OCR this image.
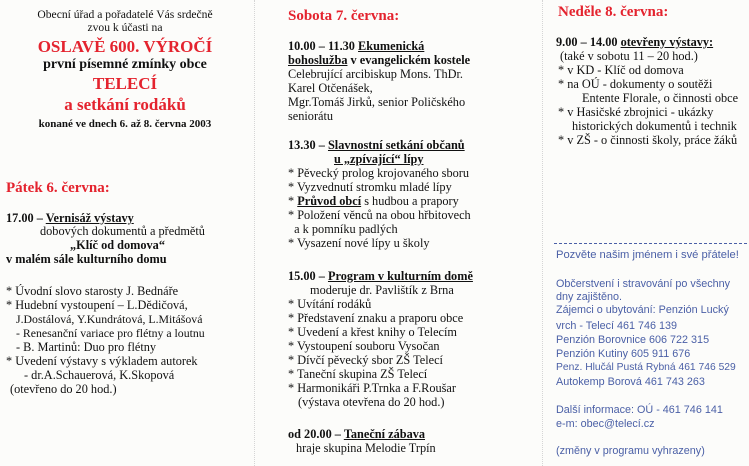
Obecní úřad a pořadatelé Vás srdečně
zvou k účasti na
OSLAVĚ 600. VÝROČÍ
první písemné zmínky obce
TELECÍ
a setkání rodáků
konané ve dnech 6. až 8. června 2003
Pátek 6. června:
17.00 – Vernisáž výstavy
dobových dokumentů a předmětů
„Klíč od domova“
v malém sále kulturního domu
* Úvodní slovo starosty J. Bednáře
* Hudební vystoupení – L.Dědičová,
J.Dostálová, Y.Kundrátová, L.Mitášová
- Renesanční variace pro flétny a loutnu
- B. Martinů: Duo pro flétny
* Uvedení výstavy s výkladem autorek
- dr.A.Schauerová, K.Skopová
(otevřeno do 20 hod.)
Sobota 7. června:
10.00 – 11.30 Ekumenická
bohoslužba v evangelickém kostele
Celebrující arcibiskup Mons. ThDr.
Karel Otčenášek,
Mgr.Tomáš Jirků, senior Poličského
seniorátu
13.30 – Slavnostní setkání občanů
u „zpívající“ lípy
* Pěvecký prolog krojovaného sboru
* Vyzvednutí stromku mladé lípy
* Průvod obcí s hudbou a prapory
* Položení věnců na obou hřbitovech
a k pomníku padlých
* Vysazení nové lípy u školy
15.00 – Program v kulturním domě
moderuje dr. Pavlištík z Brna
* Uvítání rodáků
* Představení znaku a praporu obce
* Uvedení a křest knihy o Telecím
* Vystoupení souboru Vysočan
* Dívčí pěvecký sbor ZŠ Telecí
* Taneční skupina ZŠ Telecí
* Harmonikáři P.Trnka a F.Roušar
(výstava otevřena do 20 hod.)
od 20.00 – Taneční zábava
hraje skupina Melodie Trpín
Neděle 8. června:
9.00 – 14.00 otevřeny výstavy:
(také v sobotu 11 – 20 hod.)
* v KD - Klíč od domova
* na OÚ - dokumenty o soutěži
Entente Florale, o činnosti obce
* v Hasičské zbrojnici - ukázky
historických dokumentů i technik
* v ZŠ - o činnosti školy, práce žáků
Pozvěte našim jménem i své přátele!
Občerstvení i stravování po všechny
dny zajištěno.
Zájemci o ubytování: Penzión Lucký
vrch - Telecí 461 746 139
Penzión Borovnice 606 722 315
Penzión Kutiny 605 911 676
Penz. Hlučál Pustá Rybná 461 746 529
Autokemp Borová 461 743 263
Další informace: OÚ - 461 746 141
e-m: obec@telecí.cz
(změny v programu vyhrazeny)
